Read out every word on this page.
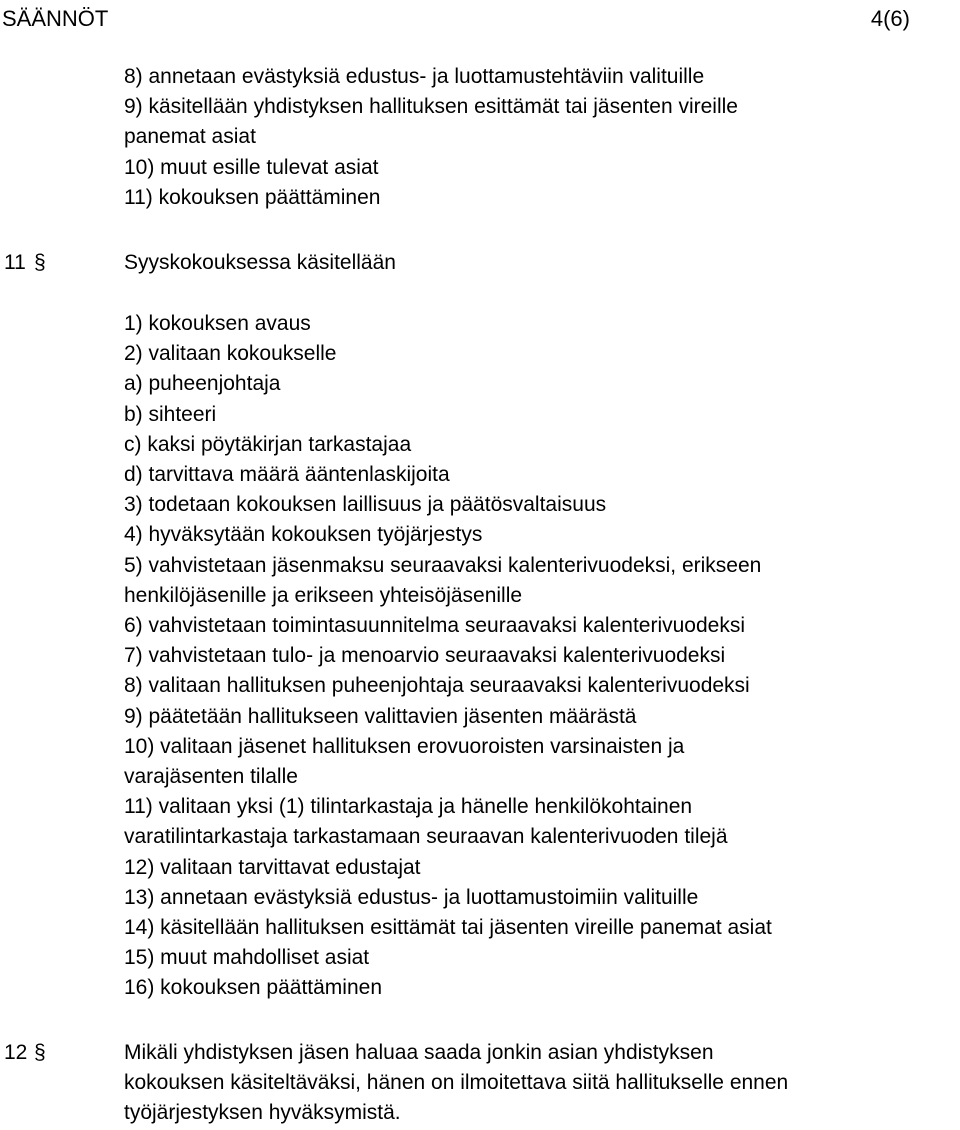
SÄÄNNÖT	4(6)
8) annetaan evästyksiä edustus- ja luottamustehtäviin valituille
9) käsitellään yhdistyksen hallituksen esittämät tai jäsenten vireille
panemat asiat
10) muut esille tulevat asiat
11) kokouksen päättäminen
11 §	Syyskokouksessa käsitellään
1) kokouksen avaus
2) valitaan kokoukselle
a) puheenjohtaja
b) sihteeri
c) kaksi pöytäkirjan tarkastajaa
d) tarvittava määrä ääntenlaskijoita
3) todetaan kokouksen laillisuus ja päätösvaltaisuus
4) hyväksytään kokouksen työjärjestys
5) vahvistetaan jäsenmaksu seuraavaksi kalenterivuodeksi, erikseen
henkilöjäsenille ja erikseen yhteisöjäsenille
6) vahvistetaan toimintasuunnitelma seuraavaksi kalenterivuodeksi
7) vahvistetaan tulo- ja menoarvio seuraavaksi kalenterivuodeksi
8) valitaan hallituksen puheenjohtaja seuraavaksi kalenterivuodeksi
9) päätetään hallitukseen valittavien jäsenten määrästä
10) valitaan jäsenet hallituksen erovuoroisten varsinaisten ja
varajäsenten tilalle
11) valitaan yksi (1) tilintarkastaja ja hänelle henkilökohtainen
varatilintarkastaja tarkastamaan seuraavan kalenterivuoden tilejä
12) valitaan tarvittavat edustajat
13) annetaan evästyksiä edustus- ja luottamustoimiin valituille
14) käsitellään hallituksen esittämät tai jäsenten vireille panemat asiat
15) muut mahdolliset asiat
16) kokouksen päättäminen
12 §	Mikäli yhdistyksen jäsen haluaa saada jonkin asian yhdistyksen
kokouksen käsiteltäväksi, hänen on ilmoitettava siitä hallitukselle ennen
työjärjestyksen hyväksymistä.
